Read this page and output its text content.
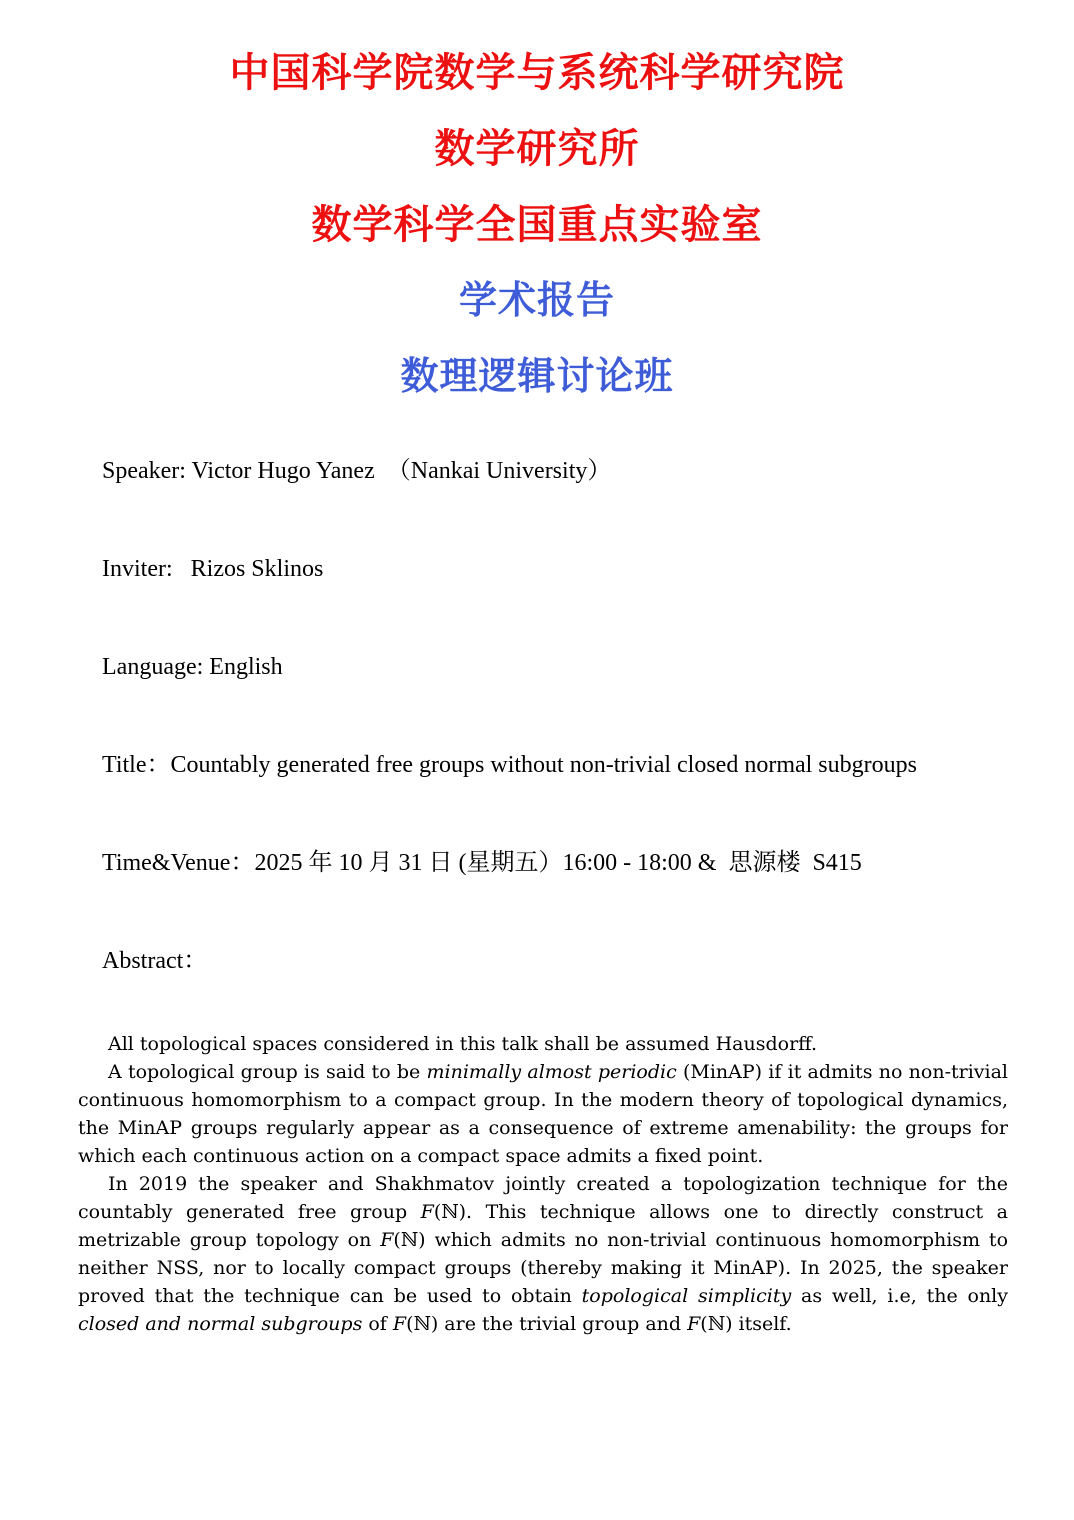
中国科学院数学与系统科学研究院
数学研究所
数学科学全国重点实验室
学术报告
数理逻辑讨论班

Speaker: Victor Hugo Yanez  （Nankai University）

Inviter:   Rizos Sklinos

Language: English

Title：Countably generated free groups without non-trivial closed normal subgroups

Time&Venue：2025 年 10 月 31 日 (星期五）16:00 - 18:00 &  思源楼  S415

Abstract：

All topological spaces considered in this talk shall be assumed Hausdorff.

A topological group is said to be minimally almost periodic (MinAP) if it admits no non-trivial continuous homomorphism to a compact group. In the modern theory of topological dynamics, the MinAP groups regularly appear as a consequence of extreme amenability: the groups for which each continuous action on a compact space admits a fixed point.

In 2019 the speaker and Shakhmatov jointly created a topologization technique for the countably generated free group F(ℕ). This technique allows one to directly construct a metrizable group topology on F(ℕ) which admits no non-trivial continuous homomorphism to neither NSS, nor to locally compact groups (thereby making it MinAP). In 2025, the speaker proved that the technique can be used to obtain topological simplicity as well, i.e, the only closed and normal subgroups of F(ℕ) are the trivial group and F(ℕ) itself.
